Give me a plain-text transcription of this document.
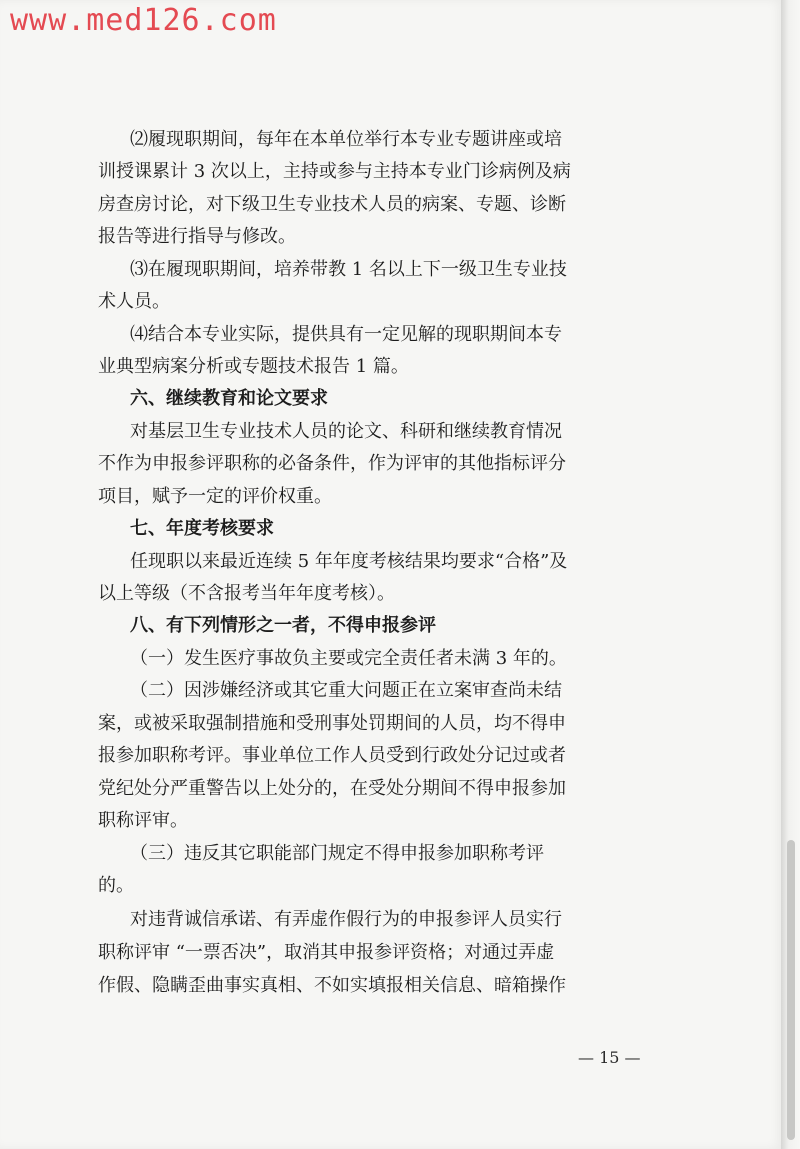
www.med126.com
⑵履现职期间，每年在本单位举行本专业专题讲座或培
训授课累计 3 次以上，主持或参与主持本专业门诊病例及病
房查房讨论，对下级卫生专业技术人员的病案、专题、诊断
报告等进行指导与修改。
⑶在履现职期间，培养带教 1 名以上下一级卫生专业技
术人员。
⑷结合本专业实际，提供具有一定见解的现职期间本专
业典型病案分析或专题技术报告 1 篇。
六、继续教育和论文要求
对基层卫生专业技术人员的论文、科研和继续教育情况
不作为申报参评职称的必备条件，作为评审的其他指标评分
项目，赋予一定的评价权重。
七、年度考核要求
任现职以来最近连续 5 年年度考核结果均要求“合格”及
以上等级（不含报考当年年度考核）。
八、有下列情形之一者，不得申报参评
（一）发生医疗事故负主要或完全责任者未满 3 年的。
（二）因涉嫌经济或其它重大问题正在立案审查尚未结
案，或被采取强制措施和受刑事处罚期间的人员，均不得申
报参加职称考评。事业单位工作人员受到行政处分记过或者
党纪处分严重警告以上处分的，在受处分期间不得申报参加
职称评审。
（三）违反其它职能部门规定不得申报参加职称考评
的。
对违背诚信承诺、有弄虚作假行为的申报参评人员实行
职称评审 “一票否决”，取消其申报参评资格；对通过弄虚
作假、隐瞒歪曲事实真相、不如实填报相关信息、暗箱操作
— 15 —
